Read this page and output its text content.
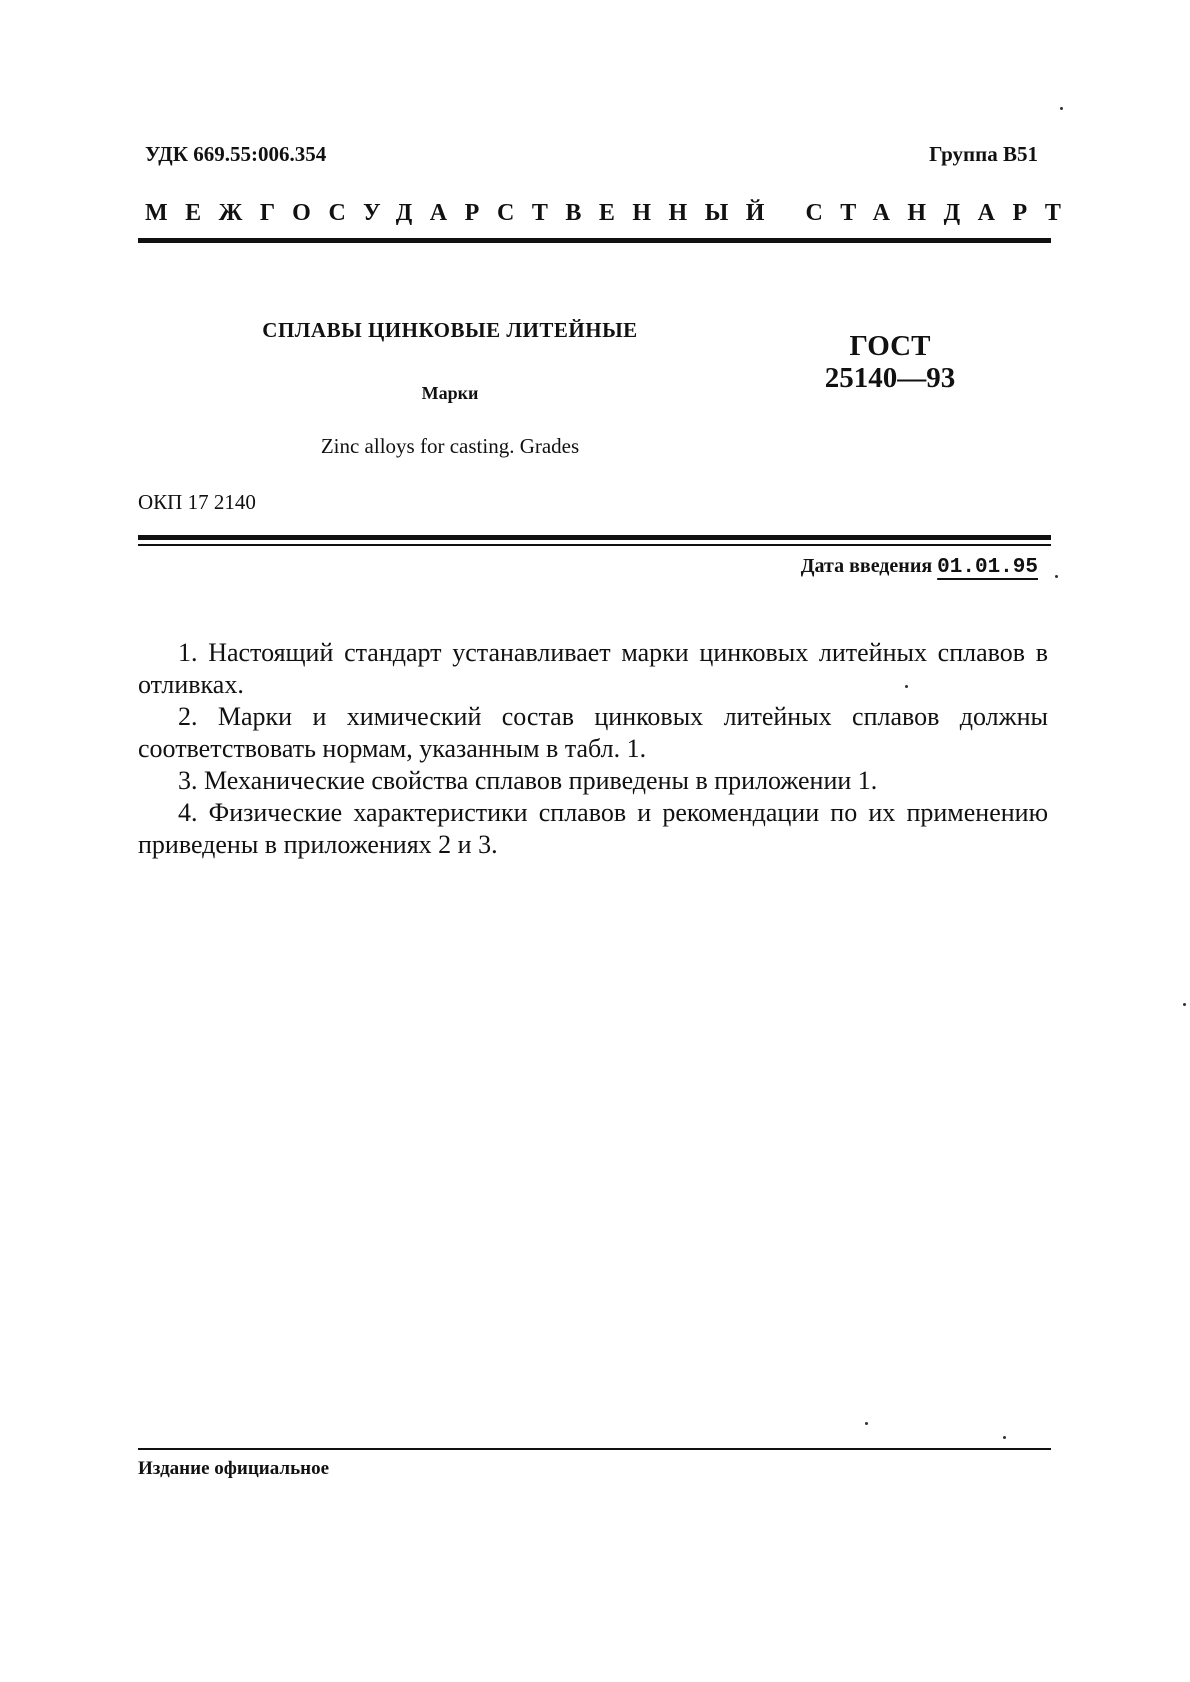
УДК 669.55:006.354	Группа В51
МЕЖГОСУДАРСТВЕННЫЙ СТАНДАРТ
СПЛАВЫ ЦИНКОВЫЕ ЛИТЕЙНЫЕ
Марки
Zinc alloys for casting. Grades
ГОСТ
25140—93
ОКП 17 2140
Дата введения 01.01.95

1. Настоящий стандарт устанавливает марки цинковых литейных сплавов в отливках.

2. Марки и химический состав цинковых литейных сплавов должны соответствовать нормам, указанным в табл. 1.

3. Механические свойства сплавов приведены в приложении 1.

4. Физические характеристики сплавов и рекомендации по их применению приведены в приложениях 2 и 3.

Издание официальное
